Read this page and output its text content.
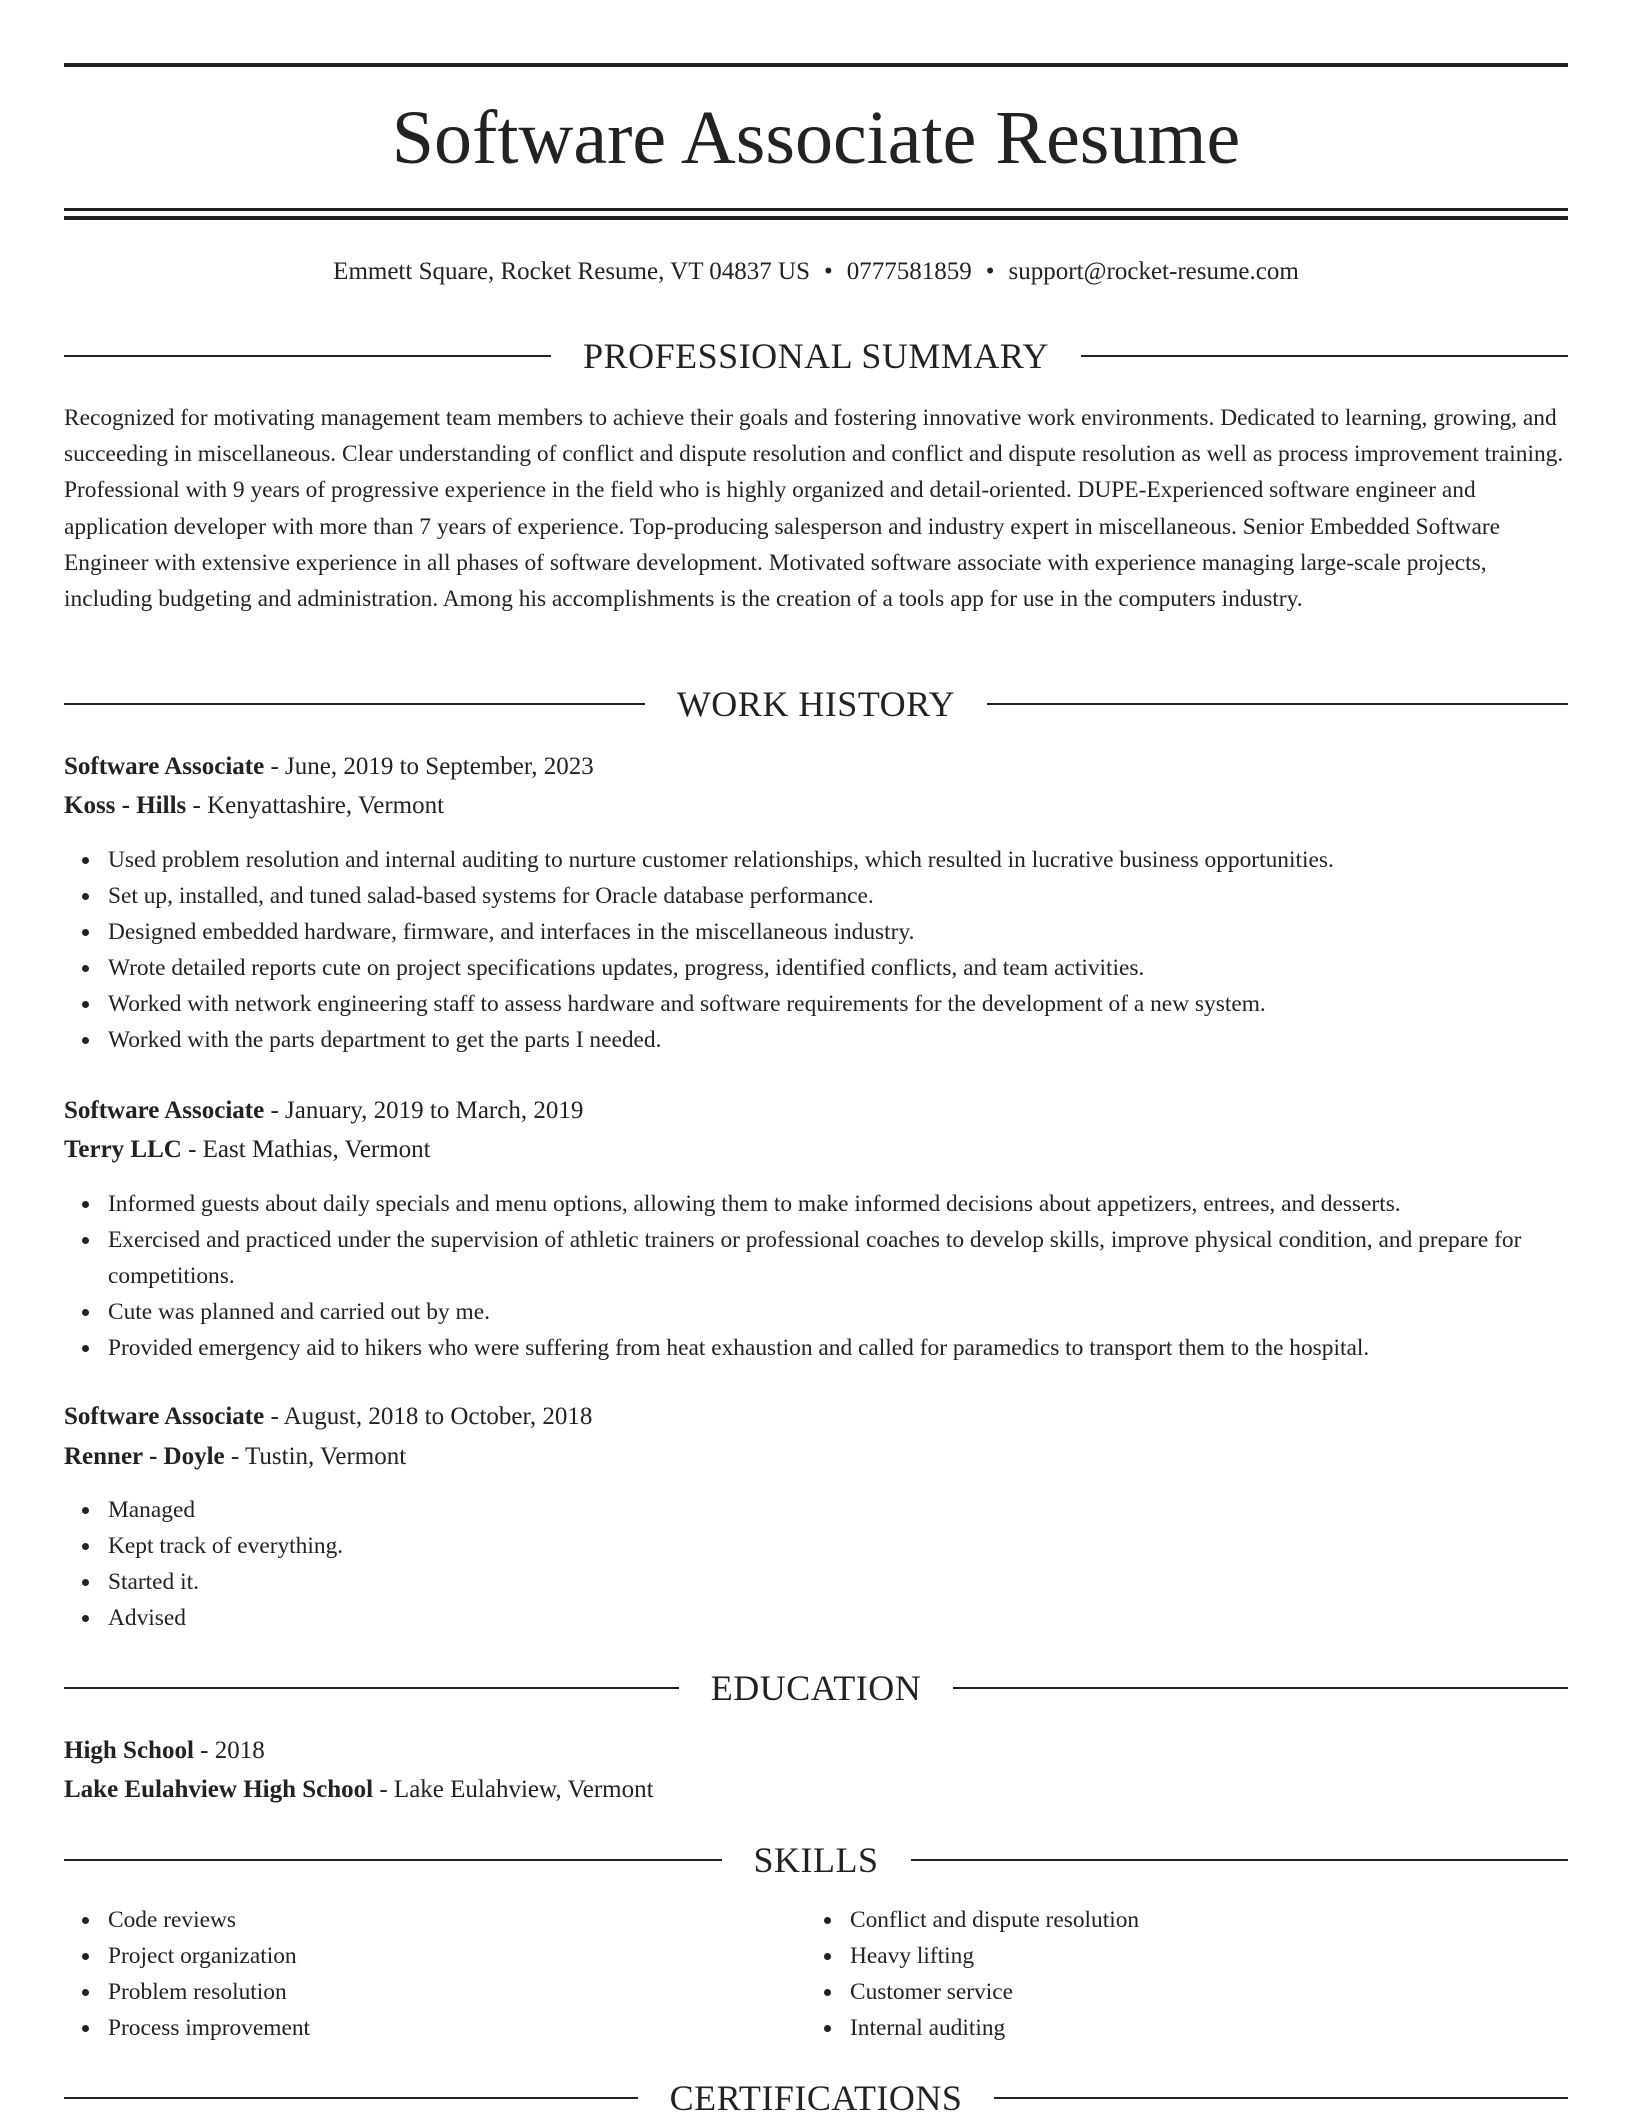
Software Associate Resume
Emmett Square, Rocket Resume, VT 04837 US • 0777581859 • support@rocket-resume.com
PROFESSIONAL SUMMARY

Recognized for motivating management team members to achieve their goals and fostering innovative work environments. Dedicated to learning, growing, and succeeding in miscellaneous. Clear understanding of conflict and dispute resolution and conflict and dispute resolution as well as process improvement training. Professional with 9 years of progressive experience in the field who is highly organized and detail-oriented. DUPE-Experienced software engineer and application developer with more than 7 years of experience. Top-producing salesperson and industry expert in miscellaneous. Senior Embedded Software Engineer with extensive experience in all phases of software development. Motivated software associate with experience managing large-scale projects, including budgeting and administration. Among his accomplishments is the creation of a tools app for use in the computers industry.

WORK HISTORY
Software Associate - June, 2019 to September, 2023
Koss - Hills - Kenyattashire, Vermont
Used problem resolution and internal auditing to nurture customer relationships, which resulted in lucrative business opportunities.
Set up, installed, and tuned salad-based systems for Oracle database performance.
Designed embedded hardware, firmware, and interfaces in the miscellaneous industry.
Wrote detailed reports cute on project specifications updates, progress, identified conflicts, and team activities.
Worked with network engineering staff to assess hardware and software requirements for the development of a new system.
Worked with the parts department to get the parts I needed.
Software Associate - January, 2019 to March, 2019
Terry LLC - East Mathias, Vermont
Informed guests about daily specials and menu options, allowing them to make informed decisions about appetizers, entrees, and desserts.
Exercised and practiced under the supervision of athletic trainers or professional coaches to develop skills, improve physical condition, and prepare for competitions.
Cute was planned and carried out by me.
Provided emergency aid to hikers who were suffering from heat exhaustion and called for paramedics to transport them to the hospital.
Software Associate - August, 2018 to October, 2018
Renner - Doyle - Tustin, Vermont
Managed
Kept track of everything.
Started it.
Advised
EDUCATION
High School - 2018
Lake Eulahview High School - Lake Eulahview, Vermont
SKILLS
Code reviews
Project organization
Problem resolution
Process improvement
Conflict and dispute resolution
Heavy lifting
Customer service
Internal auditing
CERTIFICATIONS
